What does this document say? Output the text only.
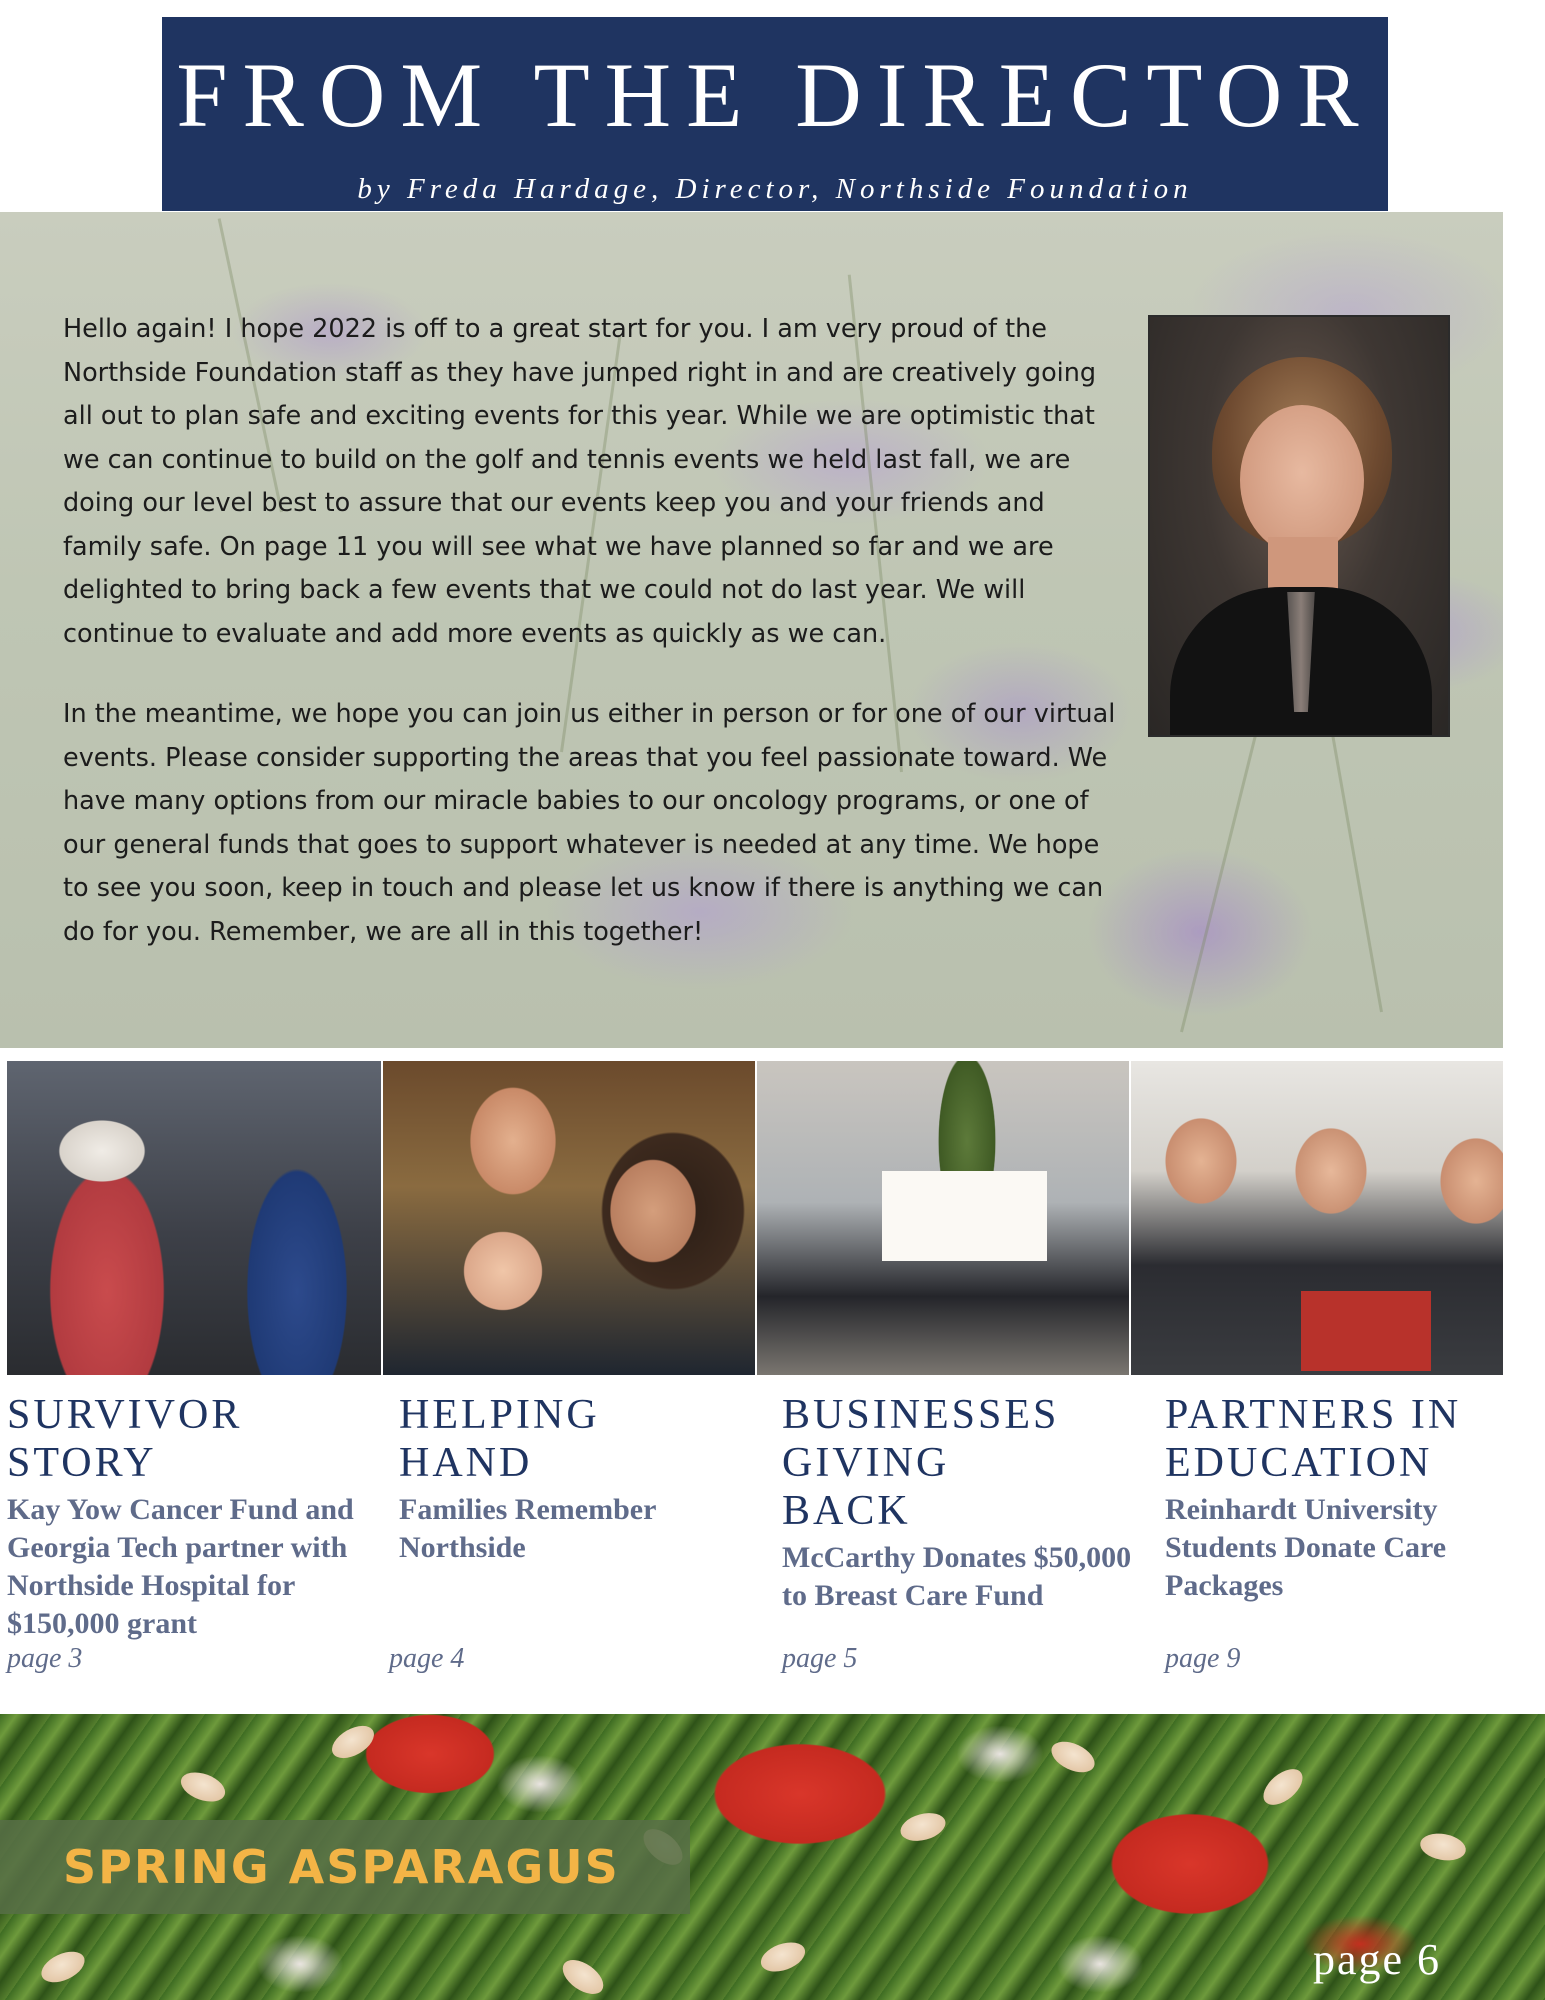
FROM THE DIRECTOR
by Freda Hardage, Director, Northside Foundation

Hello again! I hope 2022 is off to a great start for you. I am very proud of the Northside Foundation staff as they have jumped right in and are creatively going all out to plan safe and exciting events for this year. While we are optimistic that we can continue to build on the golf and tennis events we held last fall, we are doing our level best to assure that our events keep you and your friends and family safe. On page 11 you will see what we have planned so far and we are delighted to bring back a few events that we could not do last year. We will continue to evaluate and add more events as quickly as we can.

In the meantime, we hope you can join us either in person or for one of our virtual events. Please consider supporting the areas that you feel passionate toward. We have many options from our miracle babies to our oncology programs, or one of our general funds that goes to support whatever is needed at any time. We hope to see you soon, keep in touch and please let us know if there is anything we can do for you. Remember, we are all in this together!

SURVIVOR STORY

Kay Yow Cancer Fund and Georgia Tech partner with Northside Hospital for $150,000 grant

page 3

HELPING HAND

Families Remember Northside

page 4

BUSINESSES GIVING BACK

McCarthy Donates $50,000 to Breast Care Fund

page 5

PARTNERS IN EDUCATION

Reinhardt University Students Donate Care Packages

page 9
SPRING ASPARAGUS
page 6
